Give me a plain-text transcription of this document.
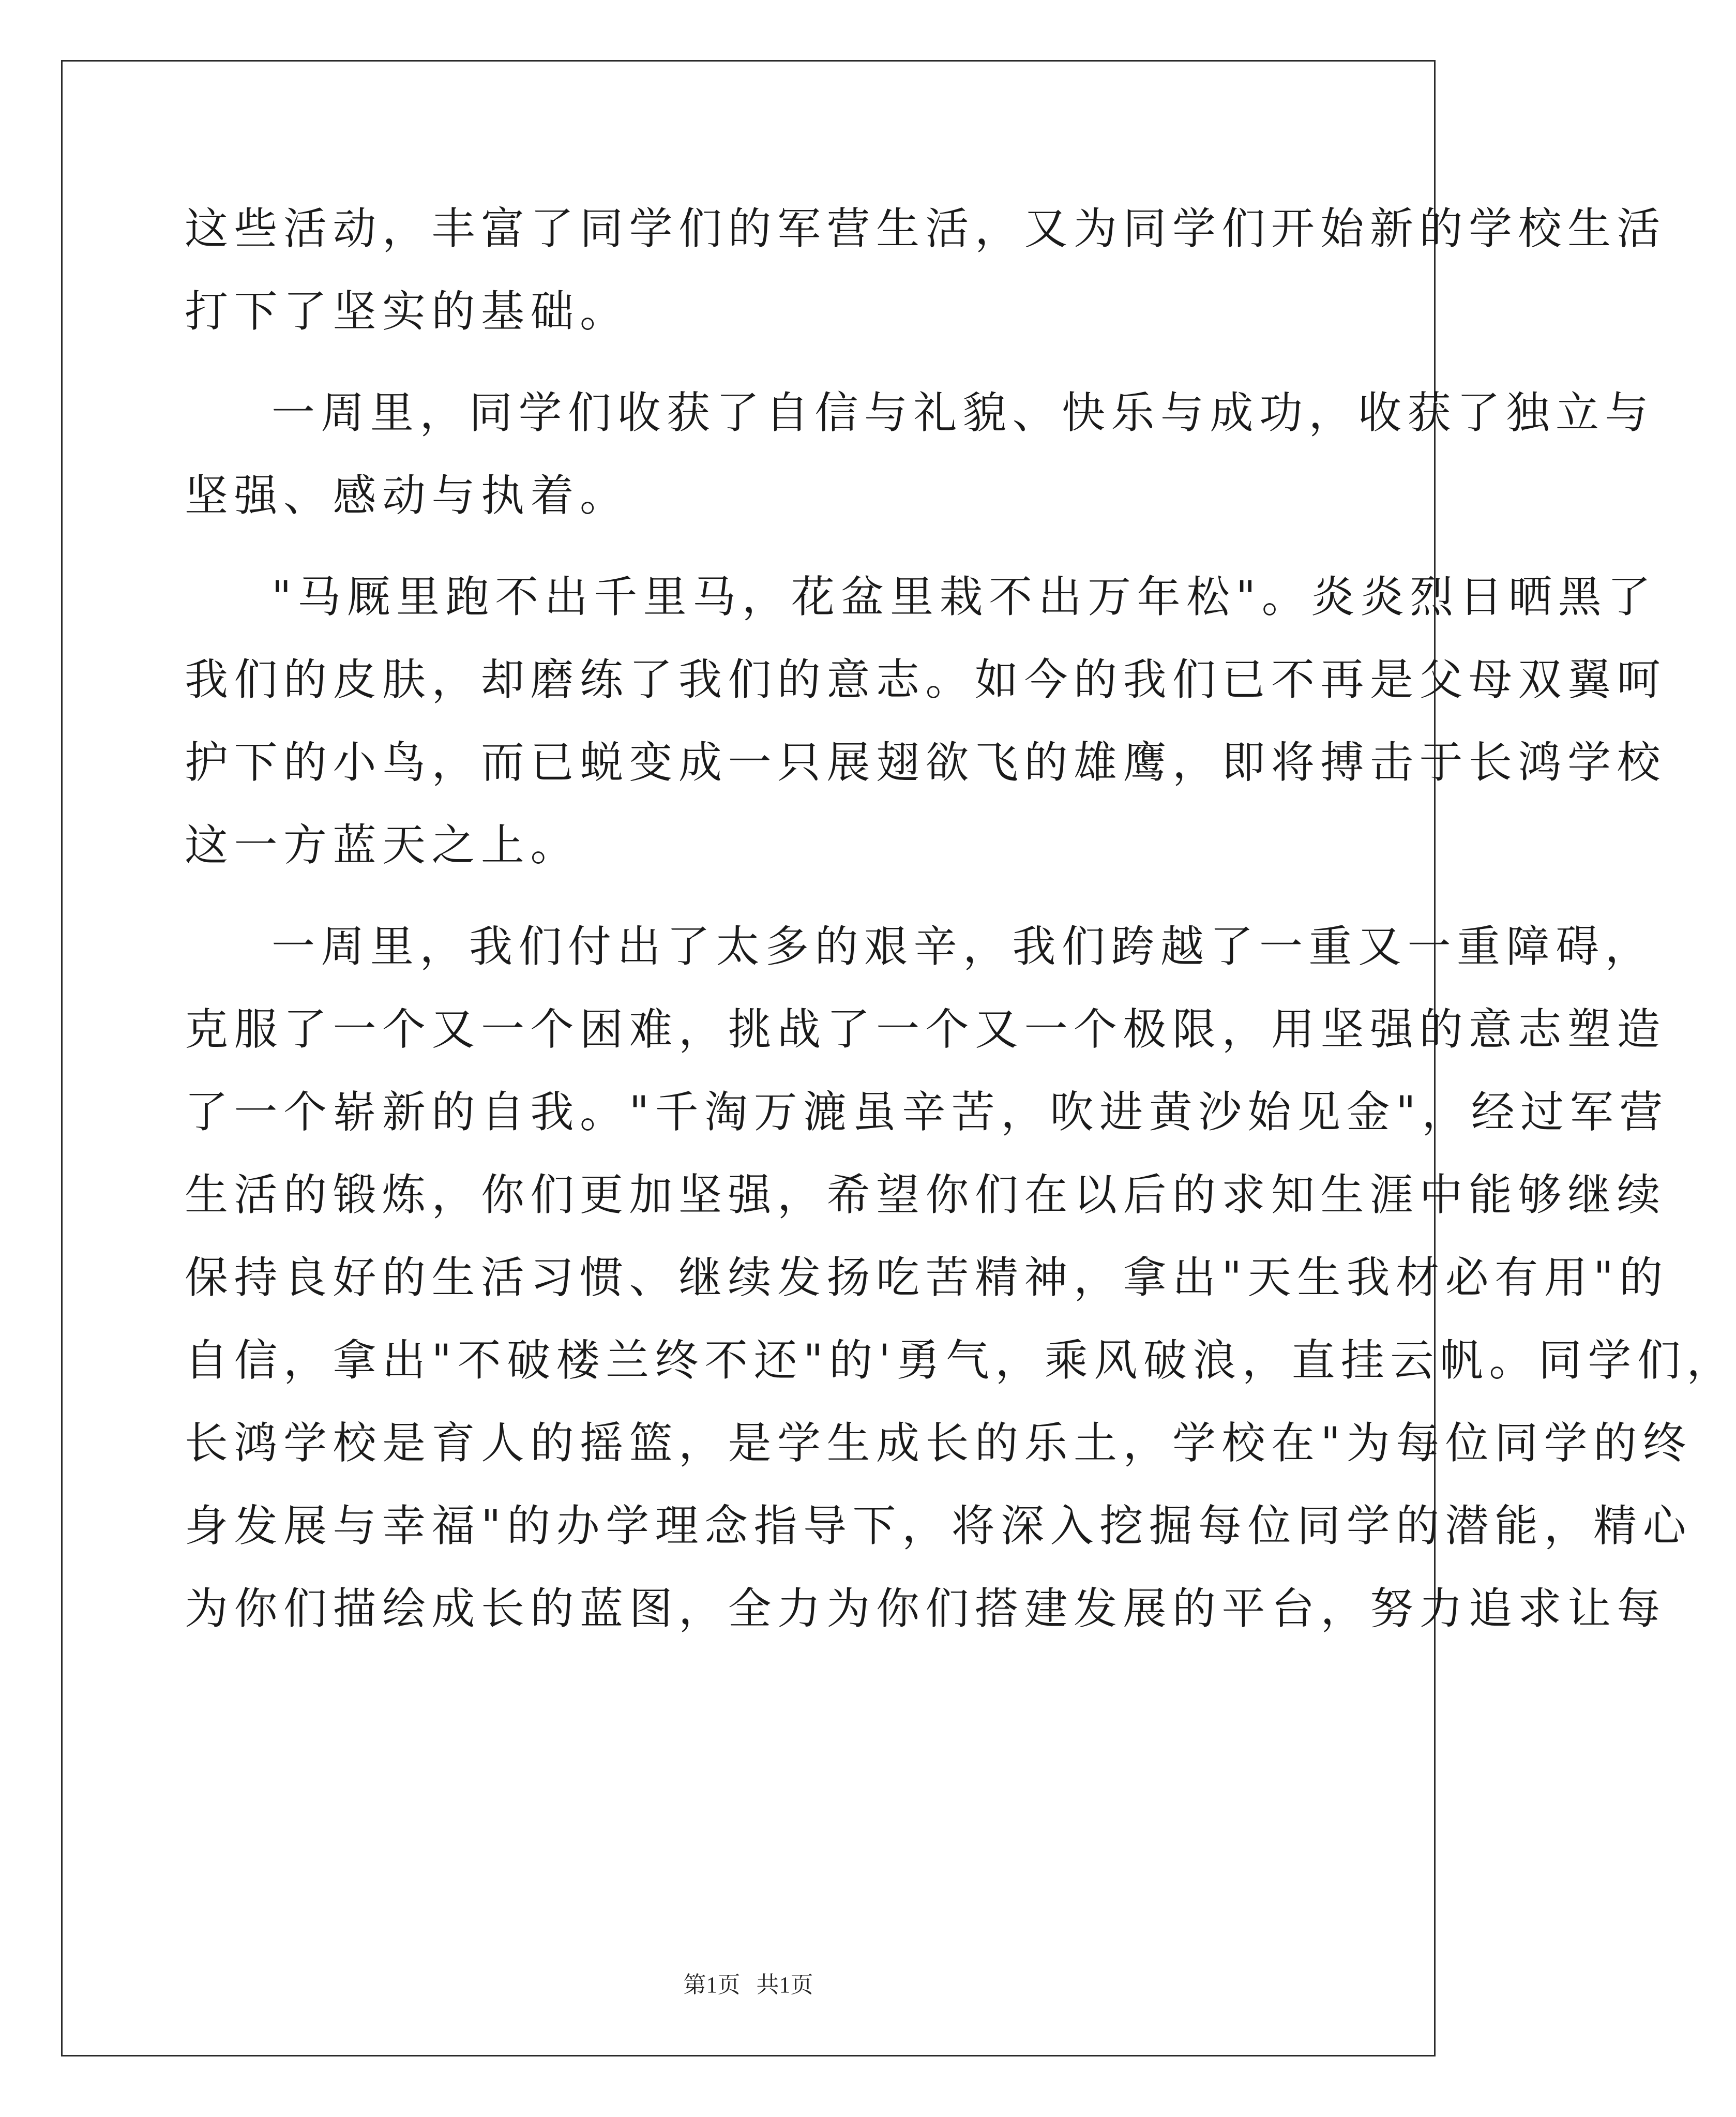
这些活动，丰富了同学们的军营生活，又为同学们开始新的学校生活
打下了坚实的基础。
一周里，同学们收获了自信与礼貌、快乐与成功，收获了独立与
坚强、感动与执着。
"马厩里跑不出千里马，花盆里栽不出万年松"。炎炎烈日晒黑了
我们的皮肤，却磨练了我们的意志。如今的我们已不再是父母双翼呵
护下的小鸟，而已蜕变成一只展翅欲飞的雄鹰，即将搏击于长鸿学校
这一方蓝天之上。
一周里，我们付出了太多的艰辛，我们跨越了一重又一重障碍，
克服了一个又一个困难，挑战了一个又一个极限，用坚强的意志塑造
了一个崭新的自我。"千淘万漉虽辛苦，吹进黄沙始见金"，经过军营
生活的锻炼，你们更加坚强，希望你们在以后的求知生涯中能够继续
保持良好的生活习惯、继续发扬吃苦精神，拿出"天生我材必有用"的
自信，拿出"不破楼兰终不还"的'勇气，乘风破浪，直挂云帆。同学们，
长鸿学校是育人的摇篮，是学生成长的乐土，学校在"为每位同学的终
身发展与幸福"的办学理念指导下，将深入挖掘每位同学的潜能，精心
为你们描绘成长的蓝图，全力为你们搭建发展的平台，努力追求让每
第1页 共1页
